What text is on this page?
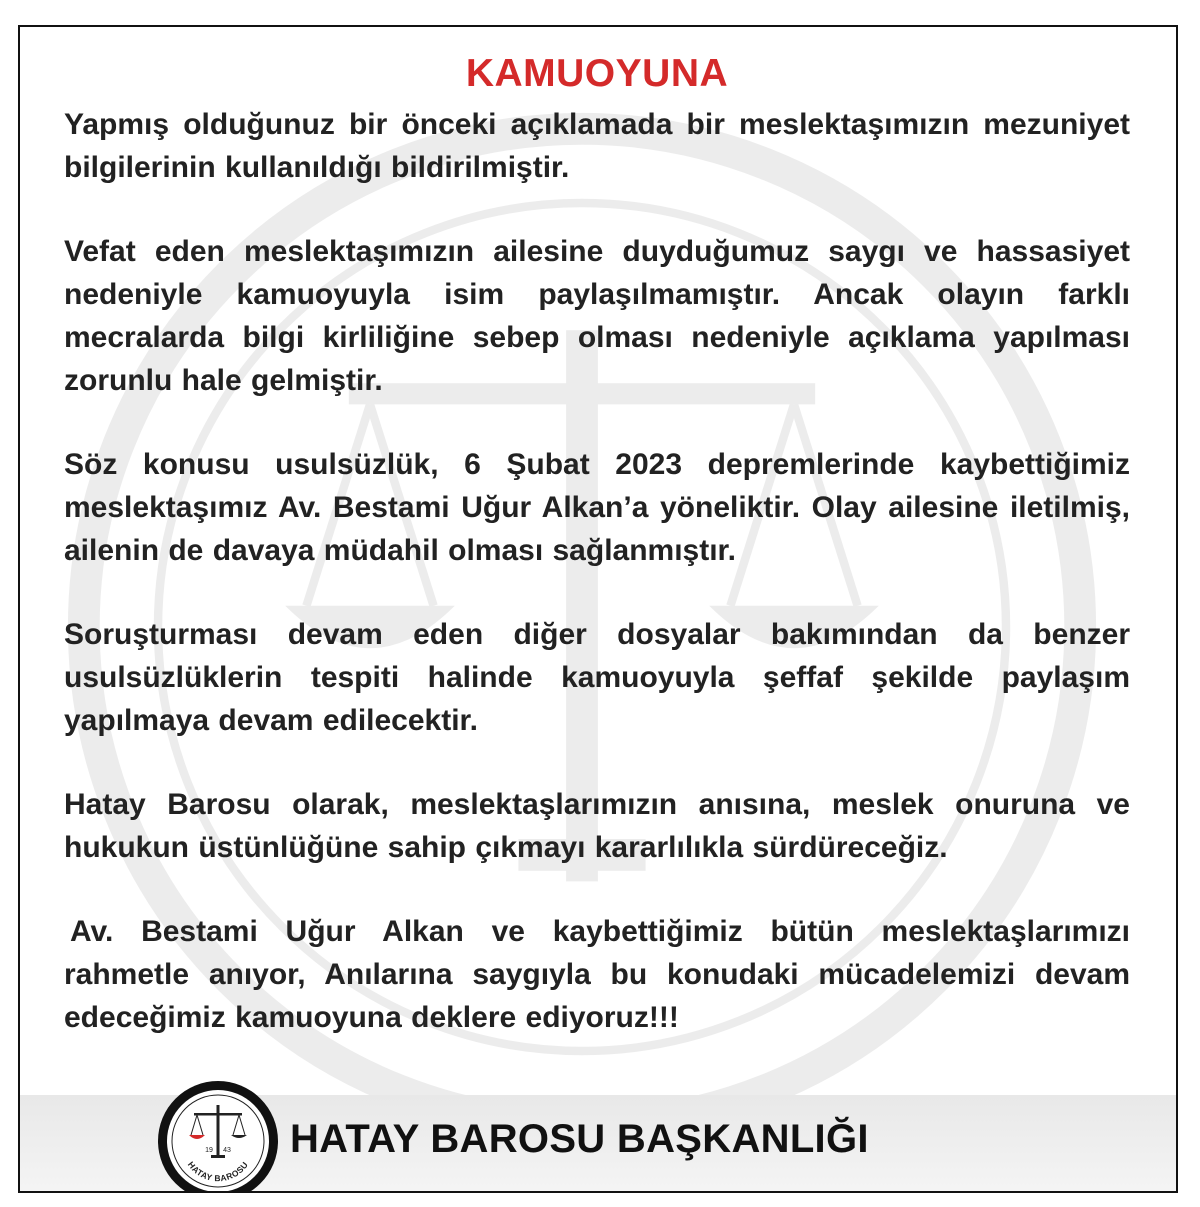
KAMUOYUNA

Yapmış olduğunuz bir önceki açıklamada bir meslektaşımızın mezuniyet bilgilerinin kullanıldığı bildirilmiştir.

Vefat eden meslektaşımızın ailesine duyduğumuz saygı ve hassasiyet nedeniyle kamuoyuyla isim paylaşılmamıştır. Ancak olayın farklı mecralarda bilgi kirliliğine sebep olması nedeniyle açıklama yapılması zorunlu hale gelmiştir.

Söz konusu usulsüzlük, 6 Şubat 2023 depremlerinde kaybettiğimiz meslektaşımız Av. Bestami Uğur Alkan’a yöneliktir. Olay ailesine iletilmiş, ailenin de davaya müdahil olması sağlanmıştır.

Soruşturması devam eden diğer dosyalar bakımından da benzer usulsüzlüklerin tespiti halinde kamuoyuyla şeffaf şekilde paylaşım yapılmaya devam edilecektir.

Hatay Barosu olarak, meslektaşlarımızın anısına, meslek onuruna ve hukukun üstünlüğüne sahip çıkmayı kararlılıkla sürdüreceğiz.

Av. Bestami Uğur Alkan ve kaybettiğimiz bütün meslektaşlarımızı rahmetle anıyor, Anılarına saygıyla bu konudaki mücadelemizi devam edeceğimiz kamuoyuna deklere ediyoruz!!!

19 43
HATAY BAROSU
HATAY BAROSU BAŞKANLIĞI
